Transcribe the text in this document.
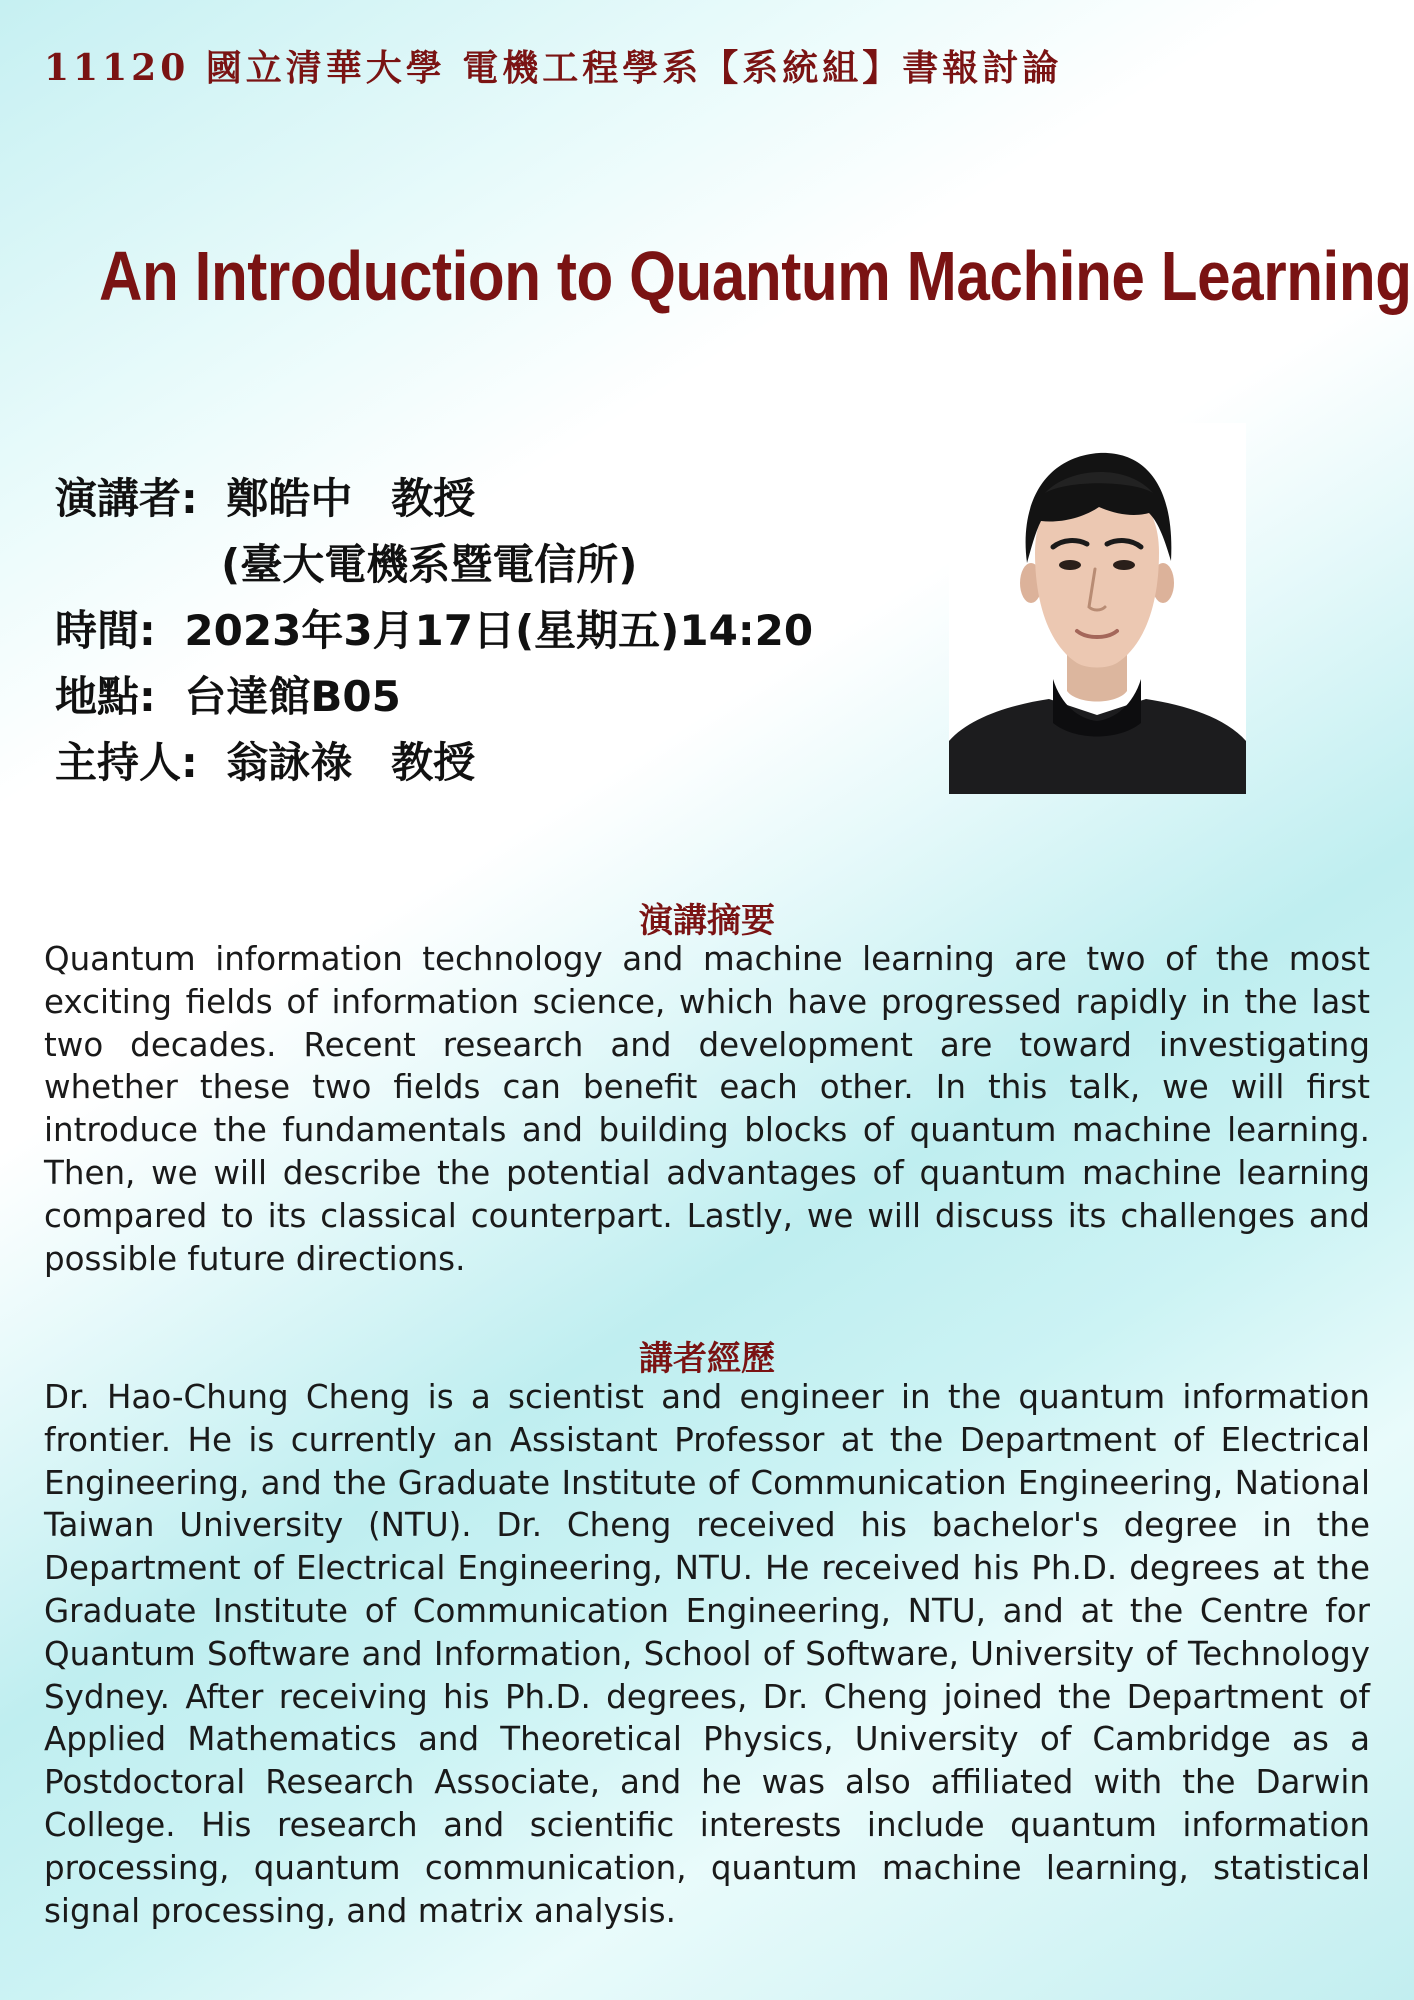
11120 國立清華大學 電機工程學系【系統組】書報討論
An Introduction to Quantum Machine Learning
演講者: 鄭皓中 教授
(臺大電機系暨電信所)
時間: 2023年3月17日(星期五)14:20
地點: 台達館B05
主持人: 翁詠祿 教授
演講摘要
Quantum information technology and machine learning are two of the most exciting fields of information science, which have progressed rapidly in the last two decades. Recent research and development are toward investigating whether these two fields can benefit each other. In this talk, we will first introduce the fundamentals and building blocks of quantum machine learning. Then, we will describe the potential advantages of quantum machine learning compared to its classical counterpart. Lastly, we will discuss its challenges and possible future directions.
講者經歷
Dr. Hao-Chung Cheng is a scientist and engineer in the quantum information frontier. He is currently an Assistant Professor at the Department of Electrical Engineering, and the Graduate Institute of Communication Engineering, National Taiwan University (NTU). Dr. Cheng received his bachelor's degree in the Department of Electrical Engineering, NTU. He received his Ph.D. degrees at the Graduate Institute of Communication Engineering, NTU, and at the Centre for Quantum Software and Information, School of Software, University of Technology Sydney. After receiving his Ph.D. degrees, Dr. Cheng joined the Department of Applied Mathematics and Theoretical Physics, University of Cambridge as a Postdoctoral Research Associate, and he was also affiliated with the Darwin College. His research and scientific interests include quantum information processing, quantum communication, quantum machine learning, statistical signal processing, and matrix analysis.
